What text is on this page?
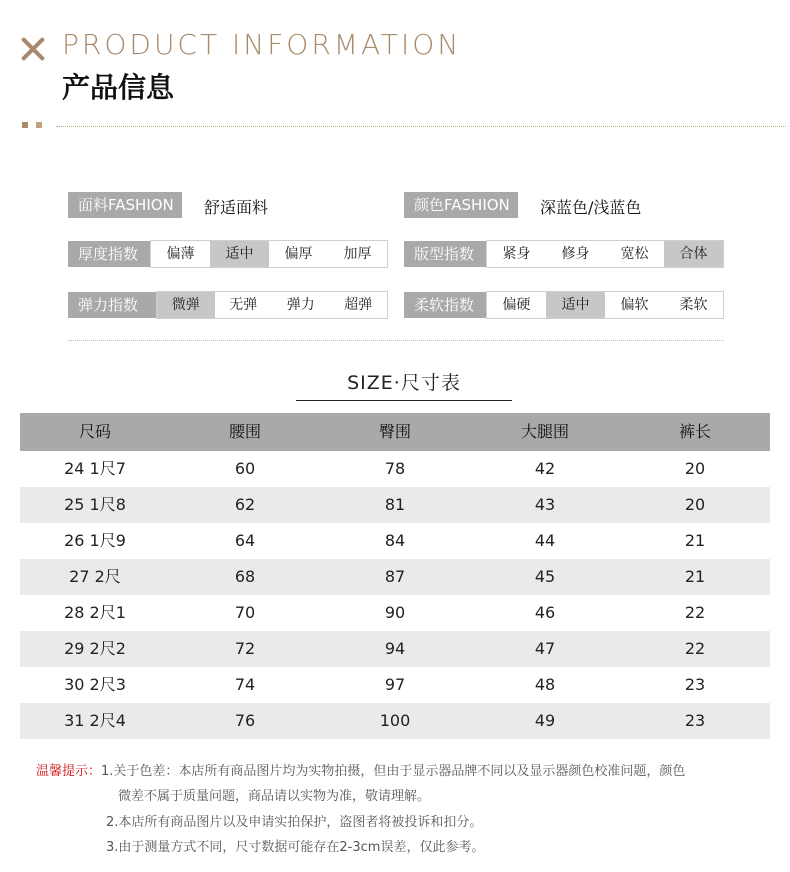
PRODUCT INFORMATION
产品信息
面料FASHION	舒适面料	颜色FASHION	深蓝色/浅蓝色
厚度指数	偏薄	适中	偏厚	加厚	版型指数	紧身	修身	宽松	合体
弹力指数	微弹	无弹	弹力	超弹	柔软指数	偏硬	适中	偏软	柔软
SIZE·尺寸表
尺码	腰围	臀围	大腿围	裤长
24 1尺7	60	78	42	20
25 1尺8	62	81	43	20
26 1尺9	64	84	44	21
27 2尺	68	87	45	21
28 2尺1	70	90	46	22
29 2尺2	72	94	47	22
30 2尺3	74	97	48	23
31 2尺4	76	100	49	23
温馨提示：1.关于色差：本店所有商品图片均为实物拍摄，但由于显示器品牌不同以及显示器颜色校准问题，颜色
微差不属于质量问题，商品请以实物为准，敬请理解。
2.本店所有商品图片以及申请实拍保护，盗图者将被投诉和扣分。
3.由于测量方式不同，尺寸数据可能存在2-3cm误差，仅此参考。
